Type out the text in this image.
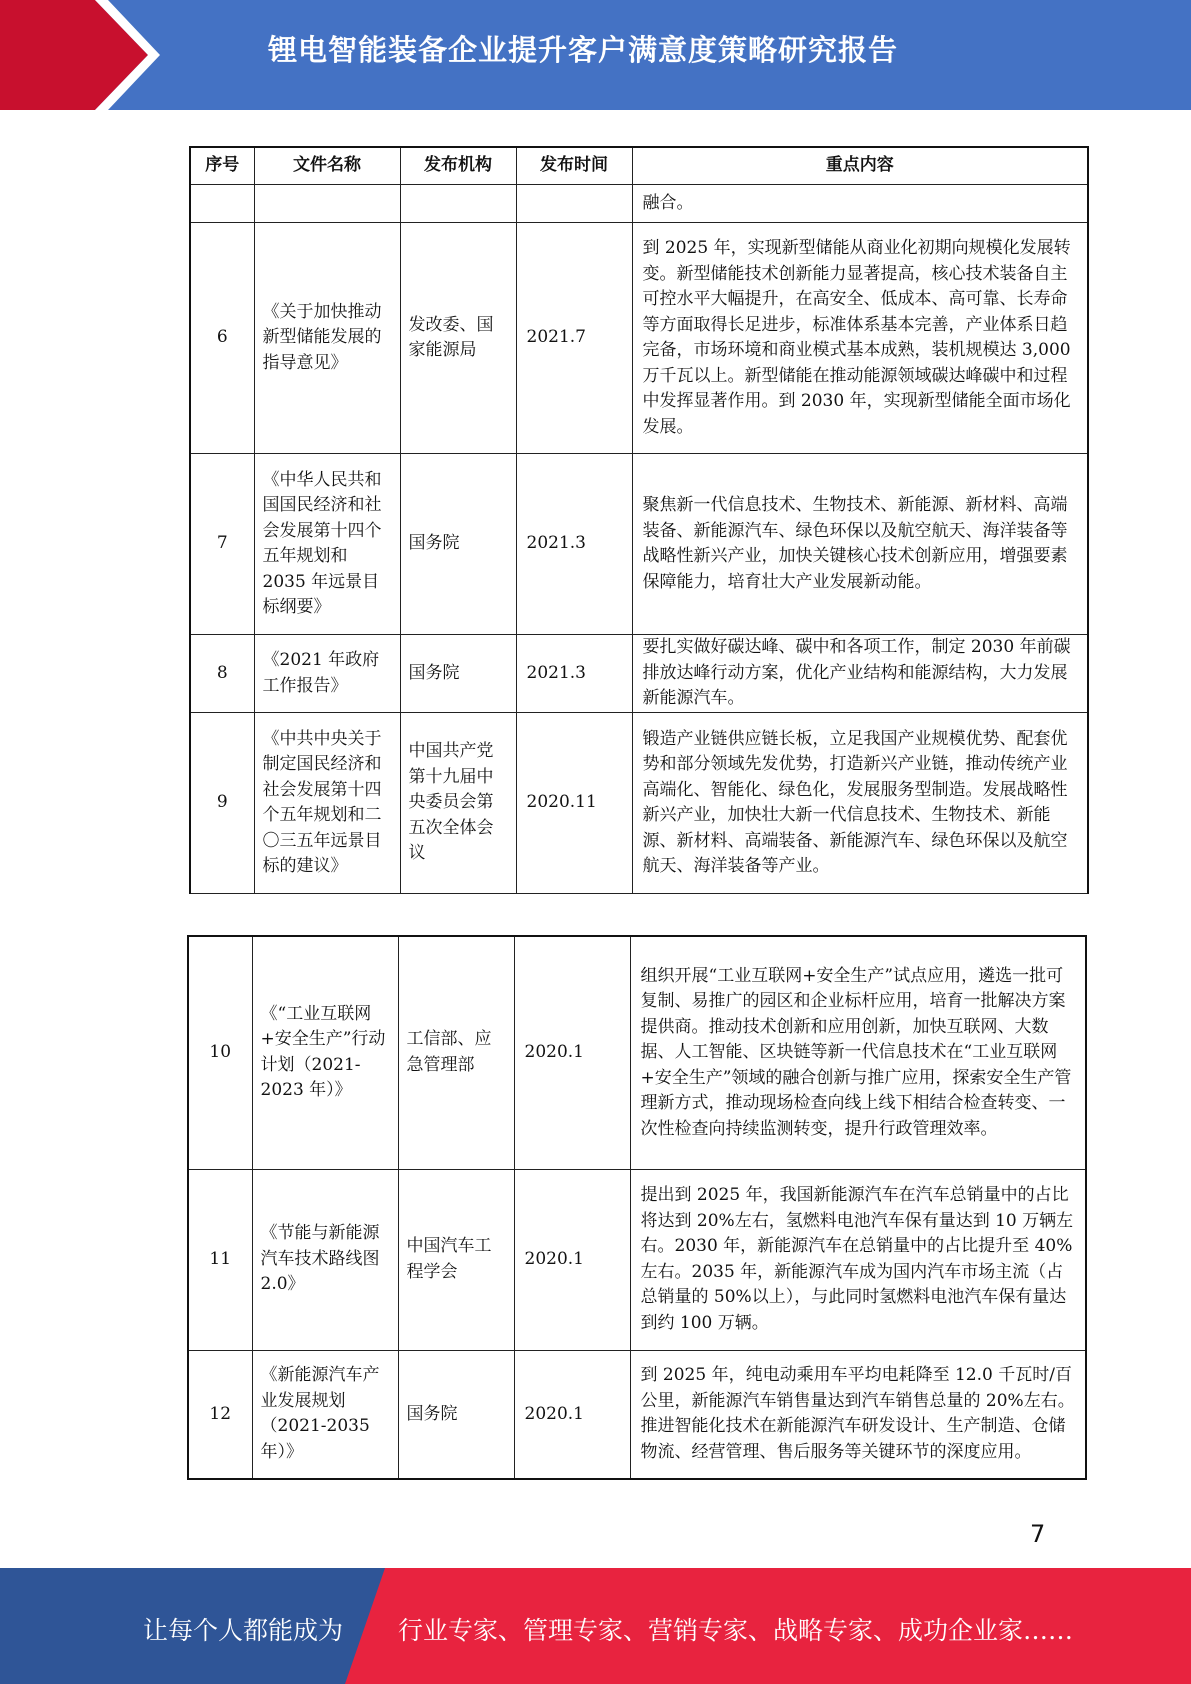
锂电智能装备企业提升客户满意度策略研究报告
序号	文件名称	发布机构	发布时间	重点内容
				融合。
6	《关于加快推动新型储能发展的指导意见》	发改委、国家能源局	2021.7	到 2025 年，实现新型储能从商业化初期向规模化发展转变。新型储能技术创新能力显著提高，核心技术装备自主可控水平大幅提升，在高安全、低成本、高可靠、长寿命等方面取得长足进步，标准体系基本完善，产业体系日趋完备，市场环境和商业模式基本成熟，装机规模达 3,000 万千瓦以上。新型储能在推动能源领域碳达峰碳中和过程中发挥显著作用。到 2030 年，实现新型储能全面市场化发展。
7	《中华人民共和国国民经济和社会发展第十四个五年规划和 2035 年远景目标纲要》	国务院	2021.3	聚焦新一代信息技术、生物技术、新能源、新材料、高端装备、新能源汽车、绿色环保以及航空航天、海洋装备等战略性新兴产业，加快关键核心技术创新应用，增强要素保障能力，培育壮大产业发展新动能。
8	《2021 年政府工作报告》	国务院	2021.3	要扎实做好碳达峰、碳中和各项工作，制定 2030 年前碳排放达峰行动方案，优化产业结构和能源结构，大力发展新能源汽车。
9	《中共中央关于制定国民经济和社会发展第十四个五年规划和二〇三五年远景目标的建议》	中国共产党第十九届中央委员会第五次全体会议	2020.11	锻造产业链供应链长板，立足我国产业规模优势、配套优势和部分领域先发优势，打造新兴产业链，推动传统产业高端化、智能化、绿色化，发展服务型制造。发展战略性新兴产业，加快壮大新一代信息技术、生物技术、新能源、新材料、高端装备、新能源汽车、绿色环保以及航空航天、海洋装备等产业。
10	《“工业互联网+安全生产”行动计划（2021-2023 年）》	工信部、应急管理部	2020.1	组织开展“工业互联网+安全生产”试点应用，遴选一批可复制、易推广的园区和企业标杆应用，培育一批解决方案提供商。推动技术创新和应用创新，加快互联网、大数据、人工智能、区块链等新一代信息技术在“工业互联网+安全生产”领域的融合创新与推广应用，探索安全生产管理新方式，推动现场检查向线上线下相结合检查转变、一次性检查向持续监测转变，提升行政管理效率。
11	《节能与新能源汽车技术路线图 2.0》	中国汽车工程学会	2020.1	提出到 2025 年，我国新能源汽车在汽车总销量中的占比将达到 20%左右，氢燃料电池汽车保有量达到 10 万辆左右。2030 年，新能源汽车在总销量中的占比提升至 40%左右。2035 年，新能源汽车成为国内汽车市场主流（占总销量的 50%以上），与此同时氢燃料电池汽车保有量达到约 100 万辆。
12	《新能源汽车产业发展规划（2021-2035 年）》	国务院	2020.1	到 2025 年，纯电动乘用车平均电耗降至 12.0 千瓦时/百公里，新能源汽车销售量达到汽车销售总量的 20%左右。推进智能化技术在新能源汽车研发设计、生产制造、仓储物流、经营管理、售后服务等关键环节的深度应用。
7
让每个人都能成为 行业专家、管理专家、营销专家、战略专家、成功企业家……
